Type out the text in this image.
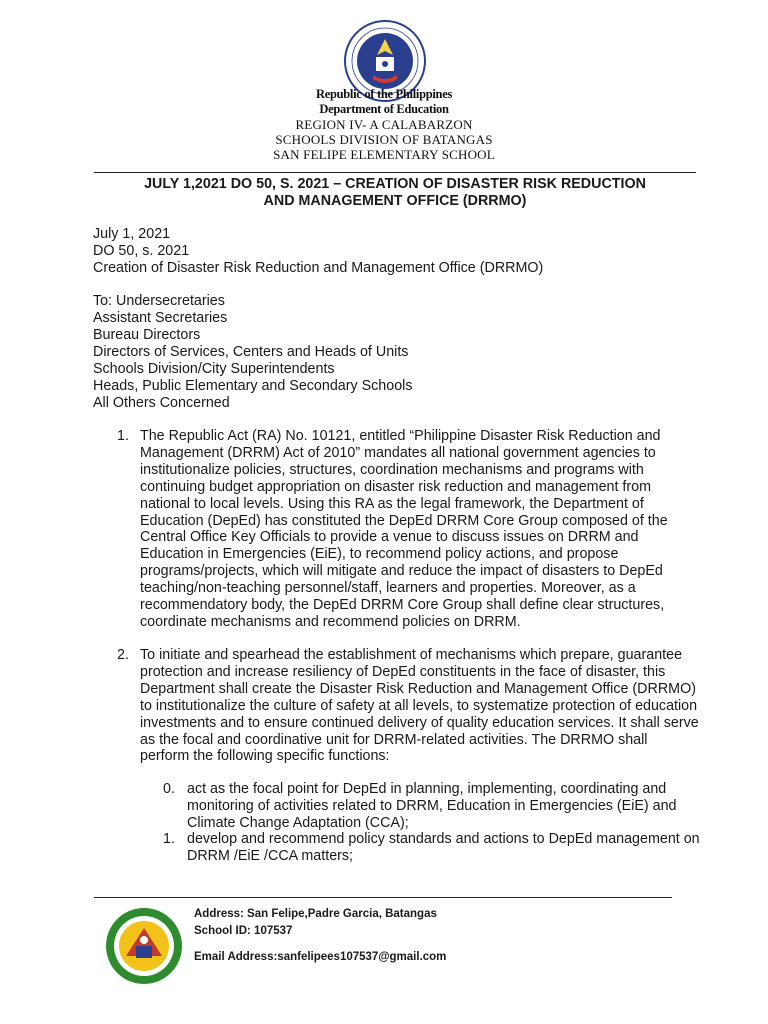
Republic of the Philippines
Department of Education
REGION IV- A CALABARZON
SCHOOLS DIVISION OF BATANGAS
SAN FELIPE ELEMENTARY SCHOOL
JULY 1,2021 DO 50, S. 2021 – CREATION OF DISASTER RISK REDUCTION
AND MANAGEMENT OFFICE (DRRMO)
July 1, 2021
DO 50, s. 2021
Creation of Disaster Risk Reduction and Management Office (DRRMO)
To: Undersecretaries
Assistant Secretaries
Bureau Directors
Directors of Services, Centers and Heads of Units
Schools Division/City Superintendents
Heads, Public Elementary and Secondary Schools
All Others Concerned
1. The Republic Act (RA) No. 10121, entitled “Philippine Disaster Risk Reduction and Management (DRRM) Act of 2010” mandates all national government agencies to institutionalize policies, structures, coordination mechanisms and programs with continuing budget appropriation on disaster risk reduction and management from national to local levels. Using this RA as the legal framework, the Department of Education (DepEd) has constituted the DepEd DRRM Core Group composed of the Central Office Key Officials to provide a venue to discuss issues on DRRM and Education in Emergencies (EiE), to recommend policy actions, and propose programs/projects, which will mitigate and reduce the impact of disasters to DepEd teaching/non-teaching personnel/staff, learners and properties. Moreover, as a recommendatory body, the DepEd DRRM Core Group shall define clear structures, coordinate mechanisms and recommend policies on DRRM.
2. To initiate and spearhead the establishment of mechanisms which prepare, guarantee protection and increase resiliency of DepEd constituents in the face of disaster, this Department shall create the Disaster Risk Reduction and Management Office (DRRMO) to institutionalize the culture of safety at all levels, to systematize protection of education investments and to ensure continued delivery of quality education services. It shall serve as the focal and coordinative unit for DRRM-related activities. The DRRMO shall perform the following specific functions:
0. act as the focal point for DepEd in planning, implementing, coordinating and monitoring of activities related to DRRM, Education in Emergencies (EiE) and Climate Change Adaptation (CCA);
1. develop and recommend policy standards and actions to DepEd management on DRRM /EiE /CCA matters;
Address: San Felipe,Padre Garcia, Batangas
School ID: 107537
Email Address:sanfelipees107537@gmail.com
